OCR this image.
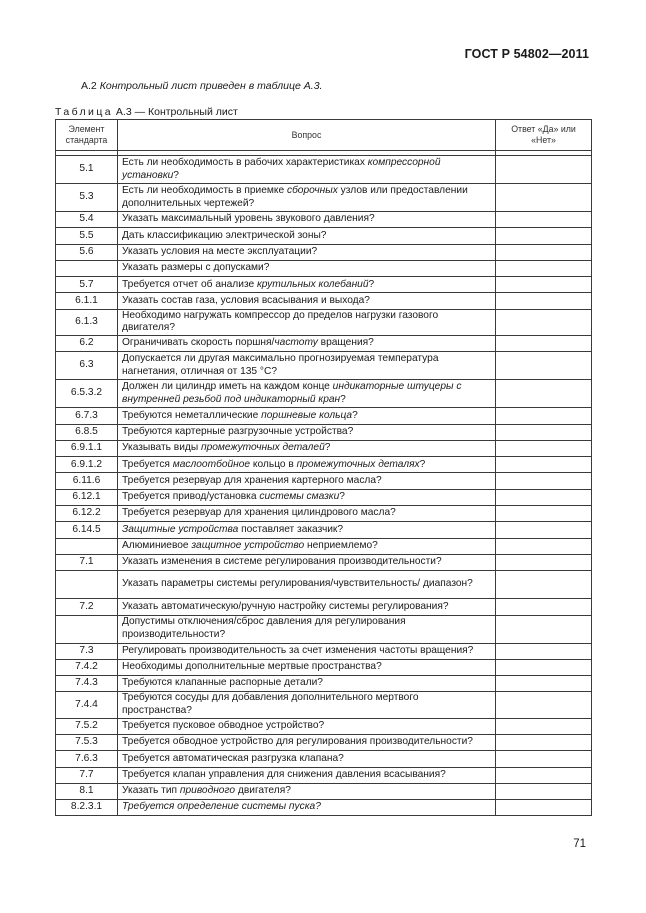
ГОСТ Р 54802—2011
А.2 Контрольный лист приведен в таблице А.3.
Таблица А.3 — Контрольный лист
Элемент стандарта	Вопрос	Ответ «Да» или «Нет»

5.1	Есть ли необходимость в рабочих характеристиках компрессорной установки?	
5.3	Есть ли необходимость в приемке сборочных узлов или предоставлении дополнительных чертежей?	
5.4	Указать максимальный уровень звукового давления?	
5.5	Дать классификацию электрической зоны?	
5.6	Указать условия на месте эксплуатации?	
	Указать размеры с допусками?	
5.7	Требуется отчет об анализе крутильных колебаний?	
6.1.1	Указать состав газа, условия всасывания и выхода?	
6.1.3	Необходимо нагружать компрессор до пределов нагрузки газового двигателя?	
6.2	Ограничивать скорость поршня/частоту вращения?	
6.3	Допускается ли другая максимально прогнозируемая температура нагнетания, отличная от 135 °С?	
6.5.3.2	Должен ли цилиндр иметь на каждом конце индикаторные штуцеры с внутренней резьбой под индикаторный кран?	
6.7.3	Требуются неметаллические поршневые кольца?	
6.8.5	Требуются картерные разгрузочные устройства?	
6.9.1.1	Указывать виды промежуточных деталей?	
6.9.1.2	Требуется маслоотбойное кольцо в промежуточных деталях?	
6.11.6	Требуется резервуар для хранения картерного масла?	
6.12.1	Требуется привод/установка системы смазки?	
6.12.2	Требуется резервуар для хранения цилиндрового масла?	
6.14.5	Защитные устройства поставляет заказчик?	
	Алюминиевое защитное устройство неприемлемо?	
7.1	Указать изменения в системе регулирования производительности?	
	Указать параметры системы регулирования/чувствительность/ диапазон?	
7.2	Указать автоматическую/ручную настройку системы регулирования?	
	Допустимы отключения/сброс давления для регулирования производительности?	
7.3	Регулировать производительность за счет изменения частоты вращения?	
7.4.2	Необходимы дополнительные мертвые пространства?	
7.4.3	Требуются клапанные распорные детали?	
7.4.4	Требуются сосуды для добавления дополнительного мертвого пространства?	
7.5.2	Требуется пусковое обводное устройство?	
7.5.3	Требуется обводное устройство для регулирования производительности?	
7.6.3	Требуется автоматическая разгрузка клапана?	
7.7	Требуется клапан управления для снижения давления всасывания?	
8.1	Указать тип приводного двигателя?	
8.2.3.1	Требуется определение системы пуска?	
71
